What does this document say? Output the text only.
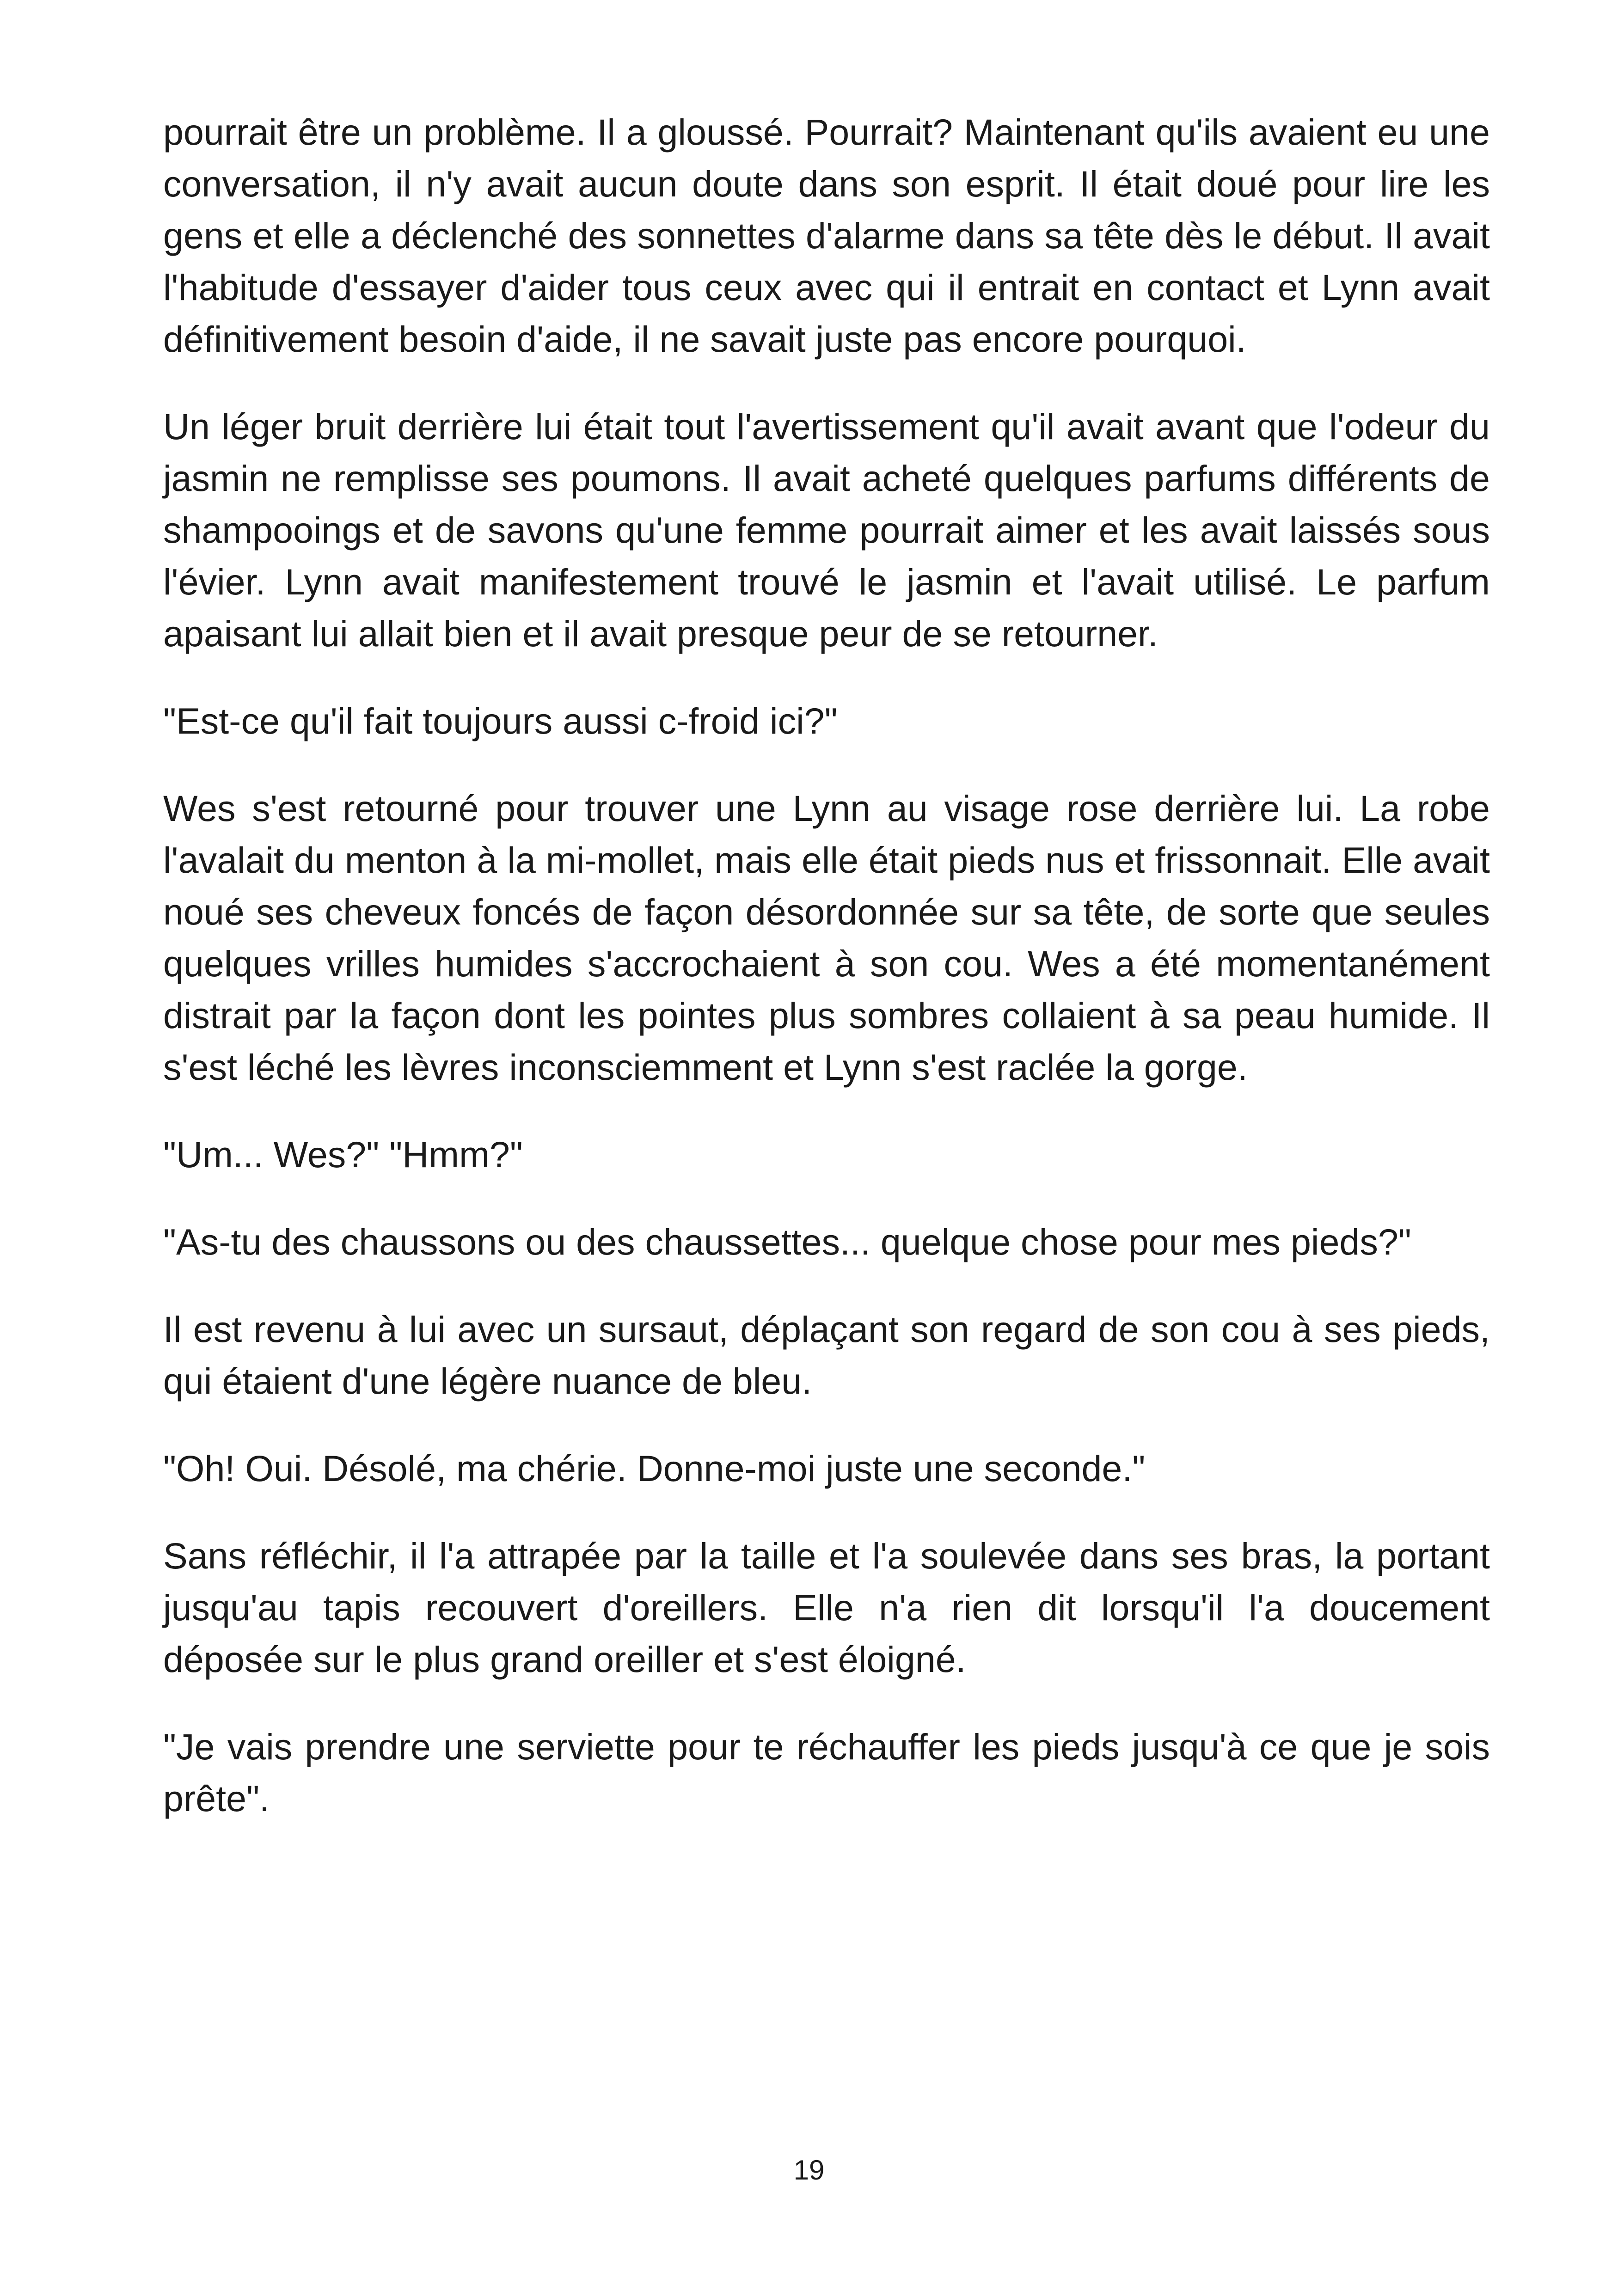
pourrait être un problème. Il a gloussé. Pourrait? Maintenant qu'ils avaient eu une conversation, il n'y avait aucun doute dans son esprit. Il était doué pour lire les gens et elle a déclenché des sonnettes d'alarme dans sa tête dès le début. Il avait l'habitude d'essayer d'aider tous ceux avec qui il entrait en contact et Lynn avait définitivement besoin d'aide, il ne savait juste pas encore pourquoi.

Un léger bruit derrière lui était tout l'avertissement qu'il avait avant que l'odeur du jasmin ne remplisse ses poumons. Il avait acheté quelques parfums différents de shampooings et de savons qu'une femme pourrait aimer et les avait laissés sous l'évier. Lynn avait manifestement trouvé le jasmin et l'avait utilisé. Le parfum apaisant lui allait bien et il avait presque peur de se retourner.

"Est-ce qu'il fait toujours aussi c-froid ici?"

Wes s'est retourné pour trouver une Lynn au visage rose derrière lui. La robe l'avalait du menton à la mi-mollet, mais elle était pieds nus et frissonnait. Elle avait noué ses cheveux foncés de façon désordonnée sur sa tête, de sorte que seules quelques vrilles humides s'accrochaient à son cou. Wes a été momentanément distrait par la façon dont les pointes plus sombres collaient à sa peau humide. Il s'est léché les lèvres inconsciemment et Lynn s'est raclée la gorge.

"Um... Wes?" "Hmm?"

"As-tu des chaussons ou des chaussettes... quelque chose pour mes pieds?"

Il est revenu à lui avec un sursaut, déplaçant son regard de son cou à ses pieds, qui étaient d'une légère nuance de bleu.

"Oh! Oui. Désolé, ma chérie. Donne-moi juste une seconde."

Sans réfléchir, il l'a attrapée par la taille et l'a soulevée dans ses bras, la portant jusqu'au tapis recouvert d'oreillers. Elle n'a rien dit lorsqu'il l'a doucement déposée sur le plus grand oreiller et s'est éloigné.

"Je vais prendre une serviette pour te réchauffer les pieds jusqu'à ce que je sois prête".

19
